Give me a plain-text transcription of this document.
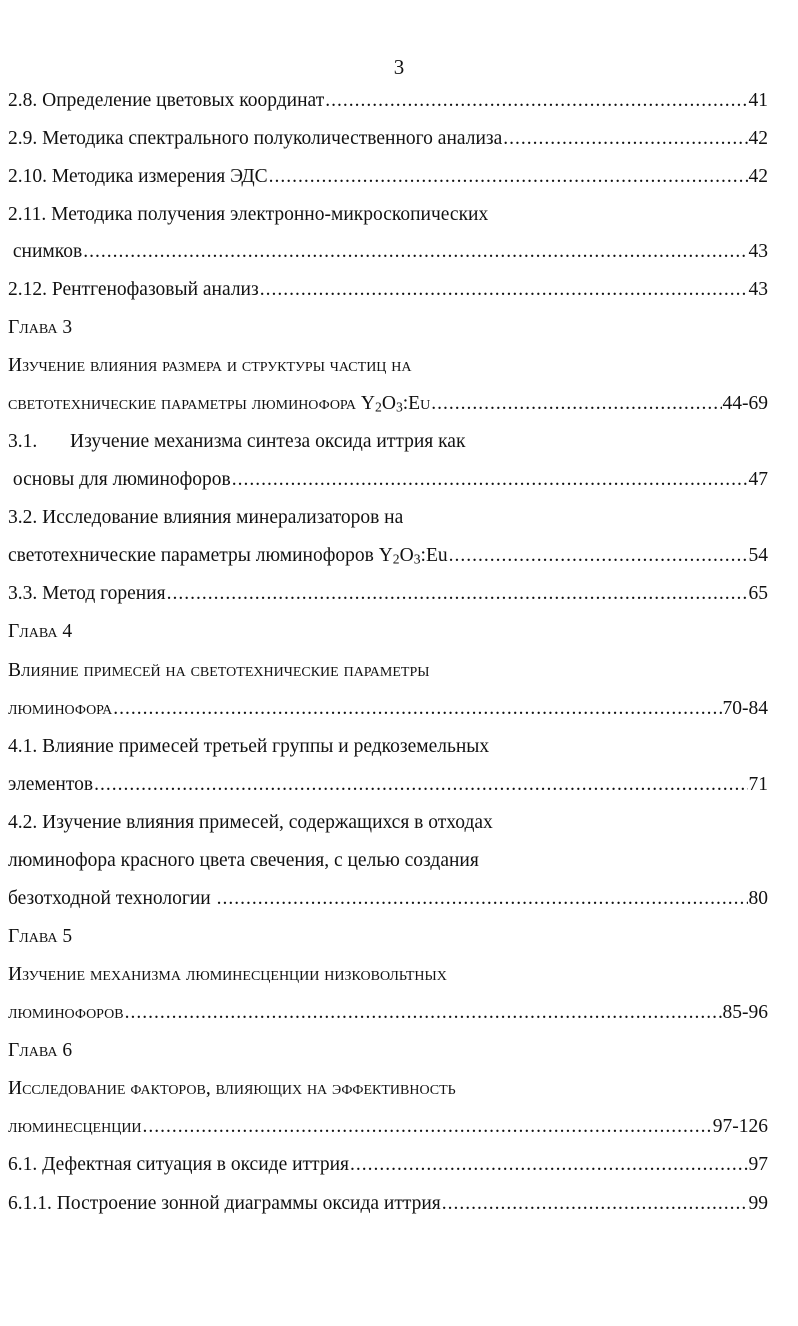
3
2.8. Определение цветовых координат .....	41
2.9. Методика спектрального полуколичественного анализа .....	42
2.10. Методика измерения ЭДС .....	42
2.11. Методика получения электронно-микроскопических
снимков .....	43
2.12. Рентгенофазовый анализ .....	43
Глава 3
Изучение влияния размера и структуры частиц на
светотехнические параметры люминофора $Y_2O_3:Eu$ .....	44-69
3.1. Изучение механизма синтеза оксида иттрия как
основы для люминофоров .....	47
3.2. Исследование влияния минерализаторов на
светотехнические параметры люминофоров $Y_2O_3:Eu$ .....	54
3.3. Метод горения .....	65
Глава 4
Влияние примесей на светотехнические параметры
люминофора .....	70-84
4.1. Влияние примесей третьей группы и редкоземельных
элементов .....	71
4.2. Изучение влияния примесей, содержащихся в отходах
люминофора красного цвета свечения, с целью создания
безотходной технологии .....	80
Глава 5
Изучение механизма люминесценции низковольтных
люминофоров .....	85-96
Глава 6
Исследование факторов, влияющих на эффективность
люминесценции .....	97-126
6.1. Дефектная ситуация в оксиде иттрия .....	97
6.1.1. Построение зонной диаграммы оксида иттрия .....	99
